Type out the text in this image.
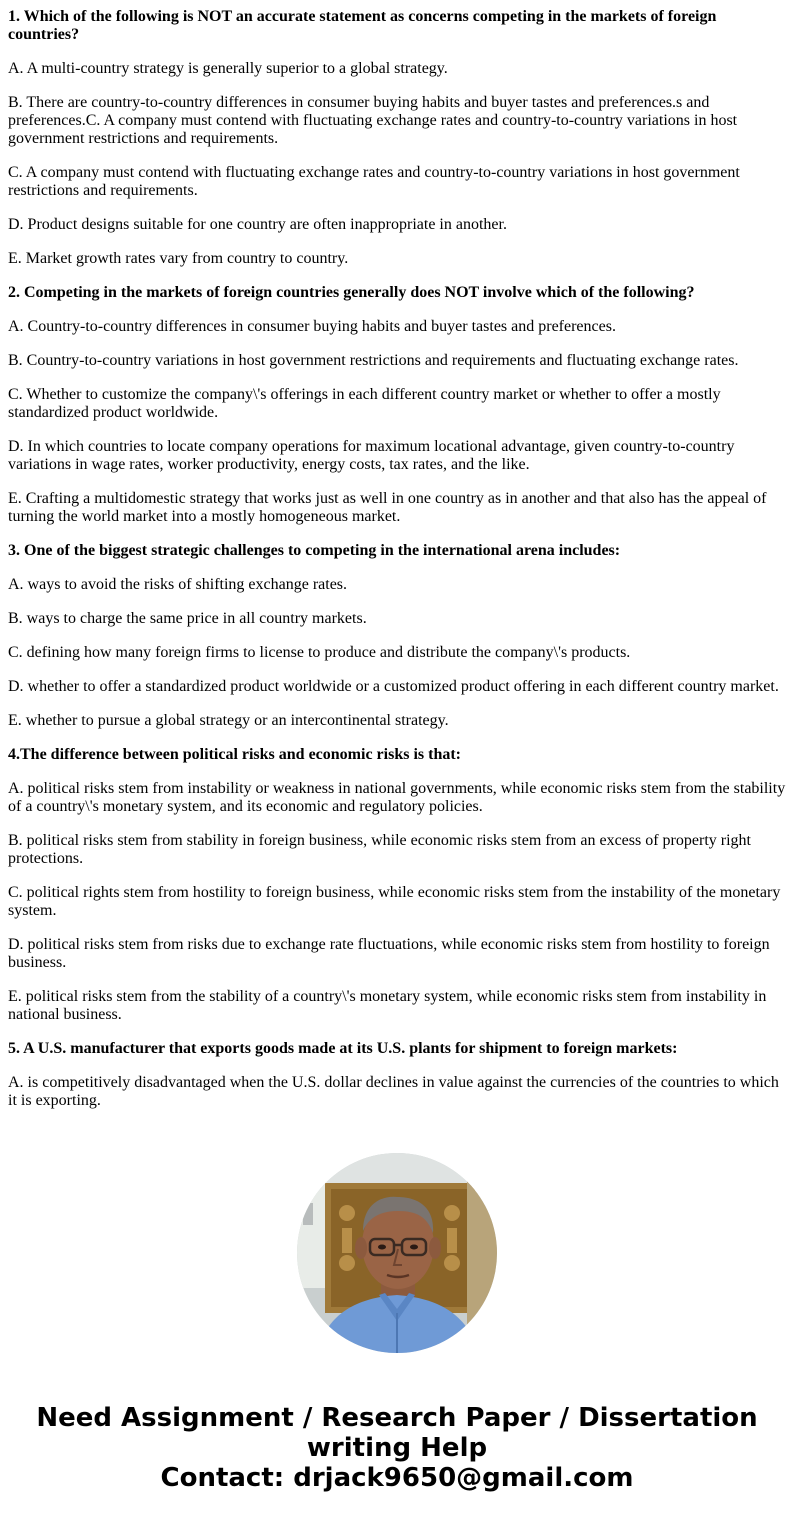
1. Which of the following is NOT an accurate statement as concerns competing in the markets of foreign countries?

A. A multi-country strategy is generally superior to a global strategy.

B. There are country-to-country differences in consumer buying habits and buyer tastes and preferences.s and preferences.C. A company must contend with fluctuating exchange rates and country-to-country variations in host government restrictions and requirements.

C. A company must contend with fluctuating exchange rates and country-to-country variations in host government restrictions and requirements.

D. Product designs suitable for one country are often inappropriate in another.

E. Market growth rates vary from country to country.

2. Competing in the markets of foreign countries generally does NOT involve which of the following?

A. Country-to-country differences in consumer buying habits and buyer tastes and preferences.

B. Country-to-country variations in host government restrictions and requirements and fluctuating exchange rates.

C. Whether to customize the company\'s offerings in each different country market or whether to offer a mostly standardized product worldwide.

D. In which countries to locate company operations for maximum locational advantage, given country-to-country variations in wage rates, worker productivity, energy costs, tax rates, and the like.

E. Crafting a multidomestic strategy that works just as well in one country as in another and that also has the appeal of turning the world market into a mostly homogeneous market.

3. One of the biggest strategic challenges to competing in the international arena includes:

A. ways to avoid the risks of shifting exchange rates.

B. ways to charge the same price in all country markets.

C. defining how many foreign firms to license to produce and distribute the company\'s products.

D. whether to offer a standardized product worldwide or a customized product offering in each different country market.

E. whether to pursue a global strategy or an intercontinental strategy.

4.The difference between political risks and economic risks is that:

A. political risks stem from instability or weakness in national governments, while economic risks stem from the stability of a country\'s monetary system, and its economic and regulatory policies.

B. political risks stem from stability in foreign business, while economic risks stem from an excess of property right protections.

C. political rights stem from hostility to foreign business, while economic risks stem from the instability of the monetary system.

D. political risks stem from risks due to exchange rate fluctuations, while economic risks stem from hostility to foreign business.

E. political risks stem from the stability of a country\'s monetary system, while economic risks stem from instability in national business.

5. A U.S. manufacturer that exports goods made at its U.S. plants for shipment to foreign markets:

A. is competitively disadvantaged when the U.S. dollar declines in value against the currencies of the countries to which it is exporting.

Need Assignment / Research Paper / Dissertation
writing Help
Contact: drjack9650@gmail.com
